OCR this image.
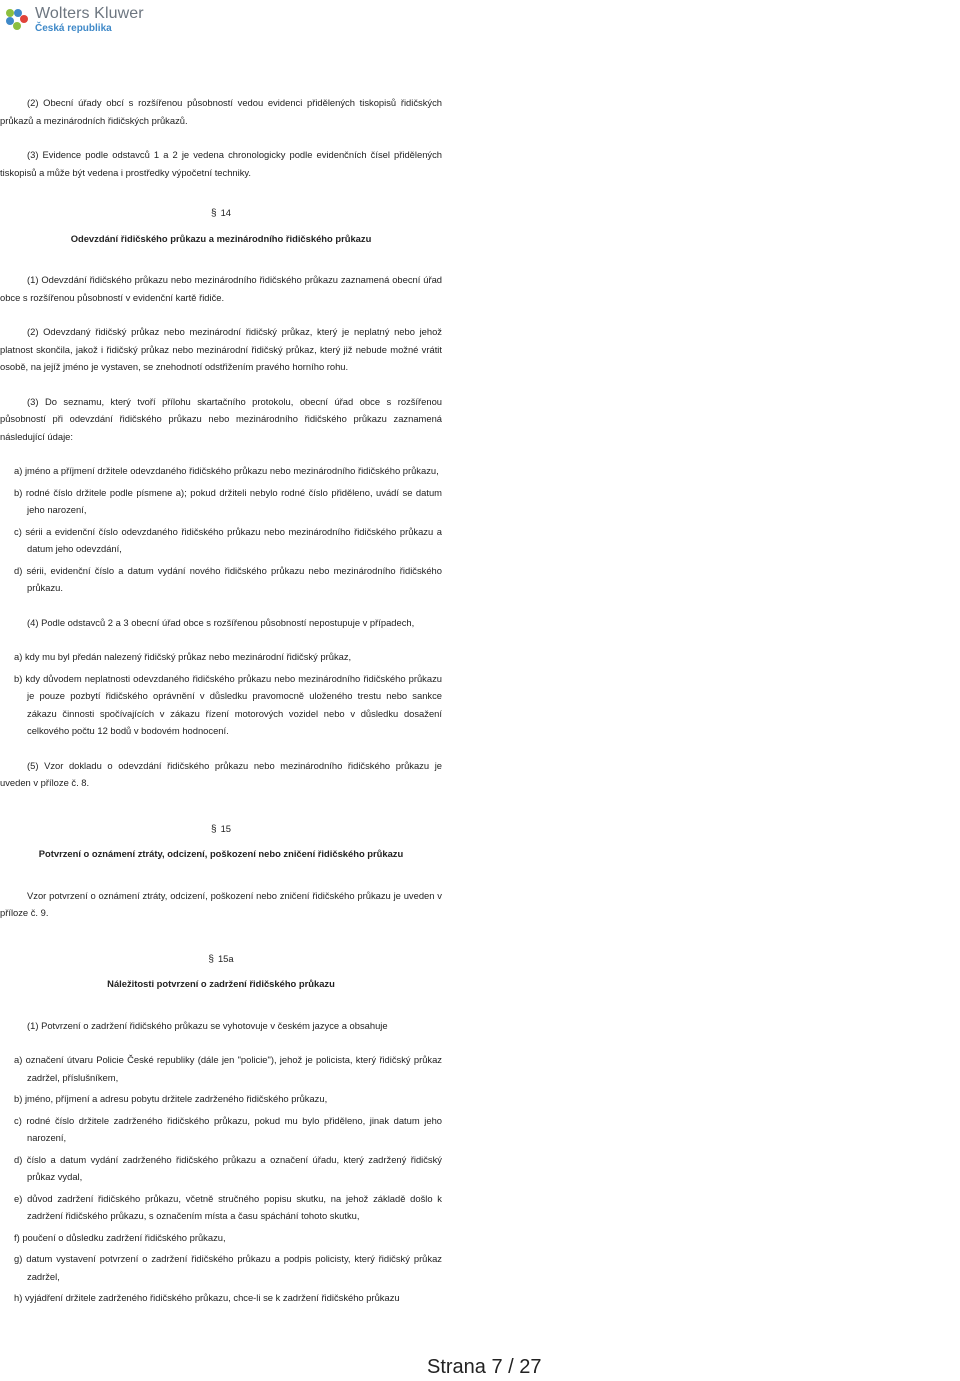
Wolters Kluwer
Česká republika

(2) Obecní úřady obcí s rozšířenou působností vedou evidenci přidělených tiskopisů řidičských průkazů a mezinárodních řidičských průkazů.

(3) Evidence podle odstavců 1 a 2 je vedena chronologicky podle evidenčních čísel přidělených tiskopisů a může být vedena i prostředky výpočetní techniky.

§ 14
Odevzdání řidičského průkazu a mezinárodního řidičského průkazu

(1) Odevzdání řidičského průkazu nebo mezinárodního řidičského průkazu zaznamená obecní úřad obce s rozšířenou působností v evidenční kartě řidiče.

(2) Odevzdaný řidičský průkaz nebo mezinárodní řidičský průkaz, který je neplatný nebo jehož platnost skončila, jakož i řidičský průkaz nebo mezinárodní řidičský průkaz, který již nebude možné vrátit osobě, na jejíž jméno je vystaven, se znehodnotí odstřižením pravého horního rohu.

(3) Do seznamu, který tvoří přílohu skartačního protokolu, obecní úřad obce s rozšířenou působností při odevzdání řidičského průkazu nebo mezinárodního řidičského průkazu zaznamená následující údaje:

a) jméno a příjmení držitele odevzdaného řidičského průkazu nebo mezinárodního řidičského průkazu,

b) rodné číslo držitele podle písmene a); pokud držiteli nebylo rodné číslo přiděleno, uvádí se datum jeho narození,

c) sérii a evidenční číslo odevzdaného řidičského průkazu nebo mezinárodního řidičského průkazu a datum jeho odevzdání,

d) sérii, evidenční číslo a datum vydání nového řidičského průkazu nebo mezinárodního řidičského průkazu.

(4) Podle odstavců 2 a 3 obecní úřad obce s rozšířenou působností nepostupuje v případech,

a) kdy mu byl předán nalezený řidičský průkaz nebo mezinárodní řidičský průkaz,

b) kdy důvodem neplatnosti odevzdaného řidičského průkazu nebo mezinárodního řidičského průkazu je pouze pozbytí řidičského oprávnění v důsledku pravomocně uloženého trestu nebo sankce zákazu činnosti spočívajících v zákazu řízení motorových vozidel nebo v důsledku dosažení celkového počtu 12 bodů v bodovém hodnocení.

(5) Vzor dokladu o odevzdání řidičského průkazu nebo mezinárodního řidičského průkazu je uveden v příloze č. 8.

§ 15
Potvrzení o oznámení ztráty, odcizení, poškození nebo zničení řidičského průkazu

Vzor potvrzení o oznámení ztráty, odcizení, poškození nebo zničení řidičského průkazu je uveden v příloze č. 9.

§ 15a
Náležitosti potvrzení o zadržení řidičského průkazu

(1) Potvrzení o zadržení řidičského průkazu se vyhotovuje v českém jazyce a obsahuje

a) označení útvaru Policie České republiky (dále jen "policie"), jehož je policista, který řidičský průkaz zadržel, příslušníkem,

b) jméno, příjmení a adresu pobytu držitele zadrženého řidičského průkazu,

c) rodné číslo držitele zadrženého řidičského průkazu, pokud mu bylo přiděleno, jinak datum jeho narození,

d) číslo a datum vydání zadrženého řidičského průkazu a označení úřadu, který zadržený řidičský průkaz vydal,

e) důvod zadržení řidičského průkazu, včetně stručného popisu skutku, na jehož základě došlo k zadržení řidičského průkazu, s označením místa a času spáchání tohoto skutku,

f) poučení o důsledku zadržení řidičského průkazu,

g) datum vystavení potvrzení o zadržení řidičského průkazu a podpis policisty, který řidičský průkaz zadržel,

h) vyjádření držitele zadrženého řidičského průkazu, chce-li se k zadržení řidičského průkazu

Strana 7 / 27
